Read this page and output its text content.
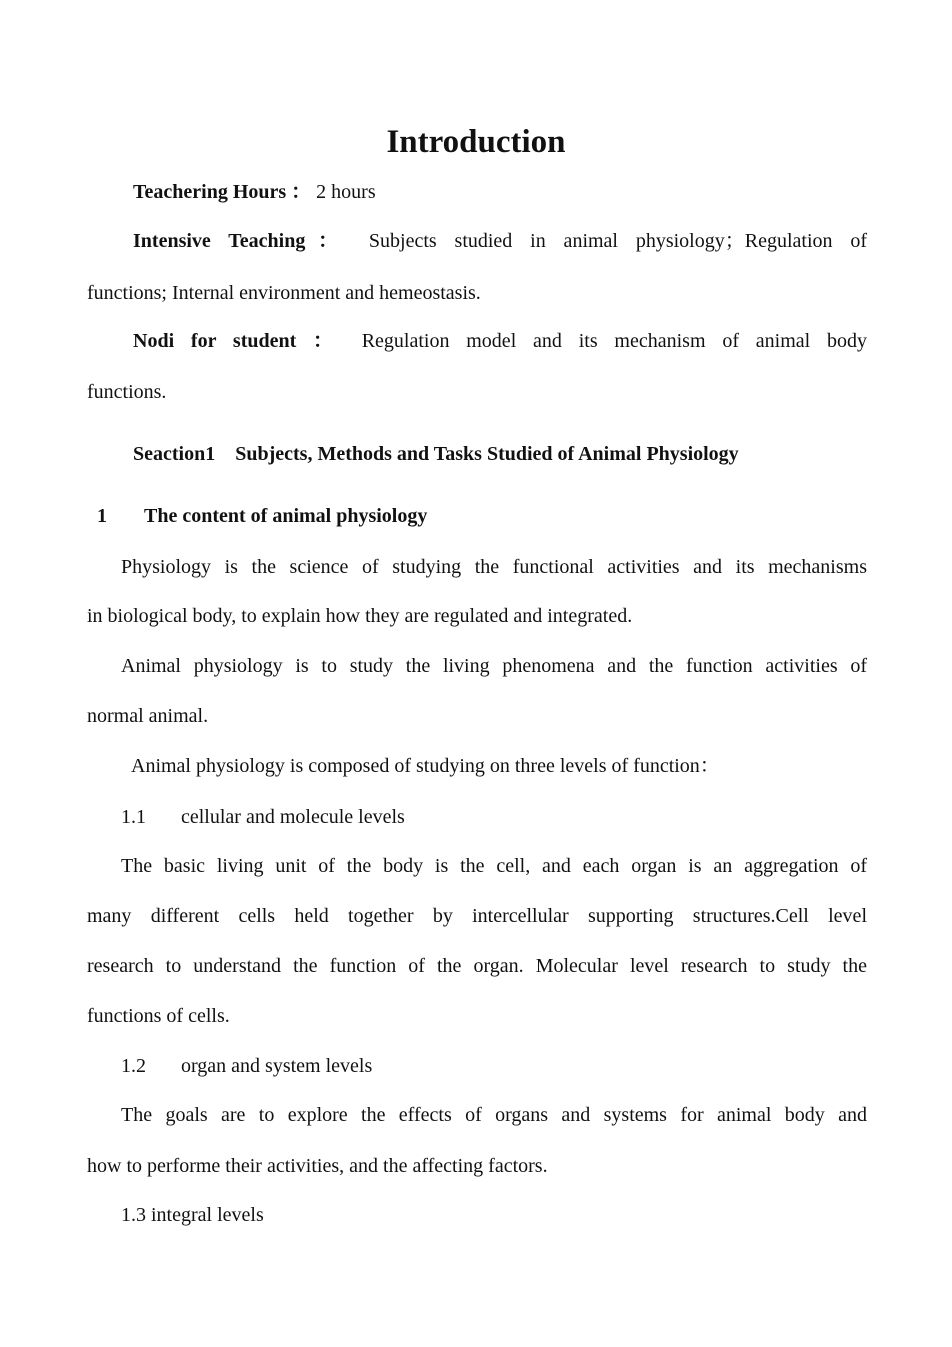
Introduction
Teachering Hours ： 2 hours
Intensive Teaching： Subjects studied in animal physiology；Regulation of
functions; Internal environment and hemeostasis.
Nodi for student ： Regulation model and its mechanism of animal body
functions.
Seaction1    Subjects, Methods and Tasks Studied of Animal Physiology
1 The content of animal physiology
Physiology is the science of studying the functional activities and its mechanisms
in biological body, to explain how they are regulated and integrated.
Animal physiology is to study the living phenomena and the function activities of
normal animal.
Animal physiology is composed of studying on three levels of function：
1.1 cellular and molecule levels
The basic living unit of the body is the cell, and each organ is an aggregation of
many different cells held together by intercellular supporting structures.Cell level
research to understand the function of the organ. Molecular level research to study the
functions of cells.
1.2 organ and system levels
The goals are to explore the effects of organs and systems for animal body and
how to performe their activities, and the affecting factors.
1.3 integral levels
